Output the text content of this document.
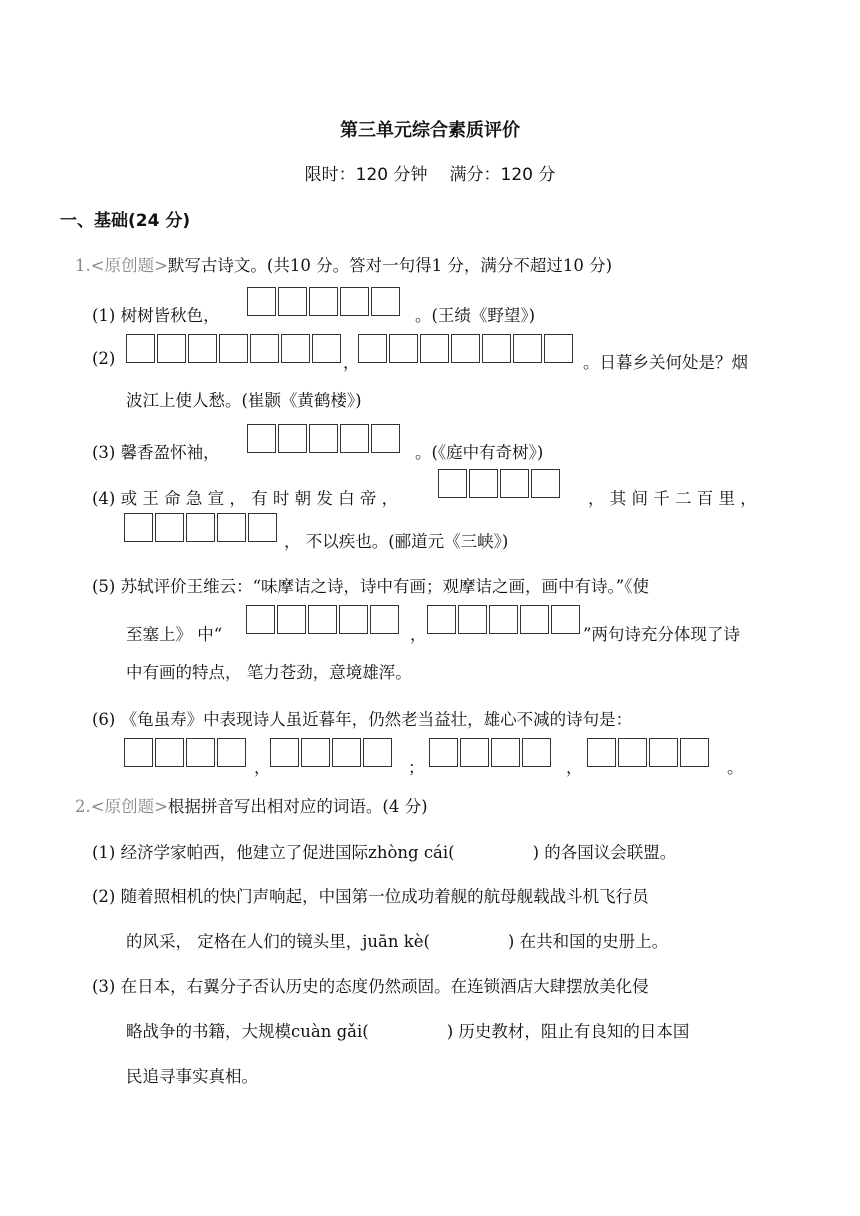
第三单元综合素质评价
限时：120 分钟 满分：120 分
一、基础(24 分)
1.<原创题>默写古诗文。(共10 分。答对一句得1 分，满分不超过10 分)
(1) 树树皆秋色，	。(王绩《野望》)
(2)	，	。日暮乡关何处是？烟
波江上使人愁。(崔颢《黄鹤楼》)
(3) 馨香盈怀袖，	。(《庭中有奇树》)
(4) 或 王 命 急 宣 ， 有 时 朝 发 白 帝 ，	， 其 间 千 二 百 里 ，
， 不以疾也。(郦道元《三峡》)
(5) 苏轼评价王维云：“味摩诘之诗，诗中有画；观摩诘之画，画中有诗。”《使
至塞上》 中“	，	”两句诗充分体现了诗
中有画的特点， 笔力苍劲，意境雄浑。
(6) 《龟虽寿》中表现诗人虽近暮年，仍然老当益壮，雄心不减的诗句是：
，	；	，	。
2.<原创题>根据拼音写出相对应的词语。(4 分)
(1) 经济学家帕西，他建立了促进国际zhòng cái(	) 的各国议会联盟。
(2) 随着照相机的快门声响起，中国第一位成功着舰的航母舰载战斗机飞行员
的风采， 定格在人们的镜头里，juān kè(	) 在共和国的史册上。
(3) 在日本，右翼分子否认历史的态度仍然顽固。在连锁酒店大肆摆放美化侵
略战争的书籍，大规模cuàn gǎi(	) 历史教材，阻止有良知的日本国
民追寻事实真相。
